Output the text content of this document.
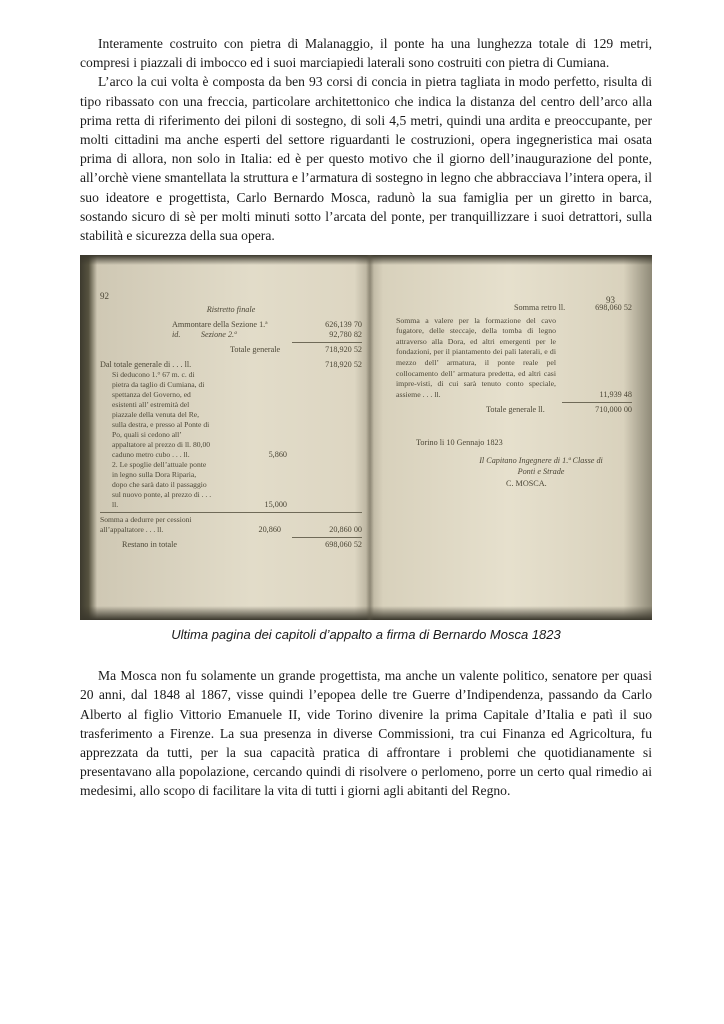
Interamente costruito con pietra di Malanaggio, il ponte ha una lunghezza totale di 129 metri, compresi i piazzali di imbocco ed i suoi marciapiedi laterali sono costruiti con pietra di Cumiana.

L’arco la cui volta è composta da ben 93 corsi di concia in pietra tagliata in modo perfetto, risulta di tipo ribassato con una freccia, particolare architettonico che indica la distanza del centro dell’arco alla prima retta di riferimento dei piloni di sostegno, di soli 4,5 metri, quindi una ardita e preoccupante, per molti cittadini ma anche esperti del settore riguardanti le costruzioni, opera ingegneristica mai osata prima di allora, non solo in Italia: ed è per questo motivo che il giorno dell’inaugurazione del ponte, all’orchè viene smantellata la struttura e l’armatura di sostegno in legno che abbracciava l’intera opera, il suo ideatore e progettista, Carlo Bernardo Mosca, radunò la sua famiglia per un giretto in barca, sostando sicuro di sè per molti minuti sotto l’arcata del ponte, per tranquillizzare i suoi detrattori, sulla stabilità e sicurezza della sua opera.

92
Ristretto finale
Ammontare della Sezione 1.ª	626,139 70
id.          Sezione 2.ª	92,780 82
Totale generale	718,920 52
Dal totale generale di . . . ll.	718,920 52
Si deducono 1.° 67 m. c. di pietra da taglio di Cumiana, di spettanza del Governo, ed esistenti all’ estremità del piazzale della venuta del Re, sulla destra, e presso al Ponte di Po, quali si cedono all’ appaltatore al prezzo di ll. 80,00 caduno metro cubo . . . ll.	5,860
2. Le spoglie dell’attuale ponte in legno sulla Dora Riparia, dopo che sarà dato il passaggio sul nuovo ponte, al prezzo di . . . ll.	15,000
Somma a dedurre per cessioni all’appaltatore . . . ll.	20,860	20,860 00
Restano in totale	698,060 52
93
Somma retro ll.	698,060 52
Somma a valere per la formazione del cavo fugatore, delle steccaje, della tomba di legno attraverso alla Dora, ed altri emergenti per le fondazioni, per il piantamento dei pali laterali, e di mezzo dell’ armatura, il ponte reale pel collocamento dell’ armatura predetta, ed altri casi impre-visti, di cui sarà tenuto conto speciale, assieme . . . ll.	11,939 48
Totale generale ll.	710,000 00
Torino li 10 Gennajo 1823
Il Capitano Ingegnere di 1.ª Classe di Ponti e Strade
C. MOSCA.
Ultima pagina dei capitoli d’appalto a firma di Bernardo Mosca 1823

Ma Mosca non fu solamente un grande progettista, ma anche un valente politico, senatore per quasi 20 anni, dal 1848 al 1867, visse quindi l’epopea delle tre Guerre d’Indipendenza, passando da Carlo Alberto al figlio Vittorio Emanuele II, vide Torino divenire la prima Capitale d’Italia e patì il suo trasferimento a Firenze. La sua presenza in diverse Commissioni, tra cui Finanza ed Agricoltura, fu apprezzata da tutti, per la sua capacità pratica di affrontare i problemi che quotidianamente si presentavano alla popolazione, cercando quindi di risolvere o perlomeno, porre un certo qual rimedio ai medesimi, allo scopo di facilitare la vita di tutti i giorni agli abitanti del Regno.
